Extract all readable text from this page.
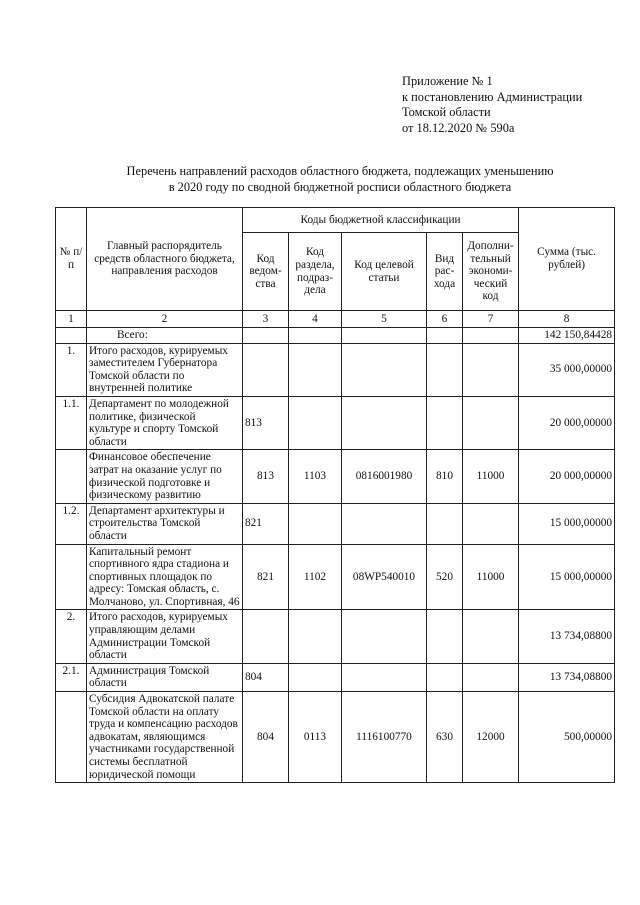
Приложение № 1
к постановлению Администрации
Томской области
от 18.12.2020 № 590а
Перечень направлений расходов областного бюджета, подлежащих уменьшению
в 2020 году по сводной бюджетной росписи областного бюджета
№ п/п	Главный распорядитель средств областного бюджета, направления расходов	Коды бюджетной классификации					Сумма (тыс. рублей)
		Код ведом-ства	Код раздела, подраз-дела	Код целевой статьи	Вид рас-хода	Дополни-тельный экономи-ческий код	
1	2	3	4	5	6	7	8
	Всего:						142 150,84428
1.	Итого расходов, курируемых заместителем Губернатора Томской области по внутренней политике						35 000,00000
1.1.	Департамент по молодежной политике, физической культуре и спорту Томской области	813					20 000,00000
	Финансовое обеспечение затрат на оказание услуг по физической подготовке и физическому развитию	813	1103	0816001980	810	11000	20 000,00000
1.2.	Департамент архитектуры и строительства Томской области	821					15 000,00000
	Капитальный ремонт спортивного ядра стадиона и спортивных площадок по адресу: Томская область, с. Молчаново, ул. Спортивная, 46	821	1102	08WP540010	520	11000	15 000,00000
2.	Итого расходов, курируемых управляющим делами Администрации Томской области						13 734,08800
2.1.	Администрация Томской области	804					13 734,08800
	Субсидия Адвокатской палате Томской области на оплату труда и компенсацию расходов адвокатам, являющимся участниками государственной системы бесплатной юридической помощи	804	0113	1116100770	630	12000	500,00000
